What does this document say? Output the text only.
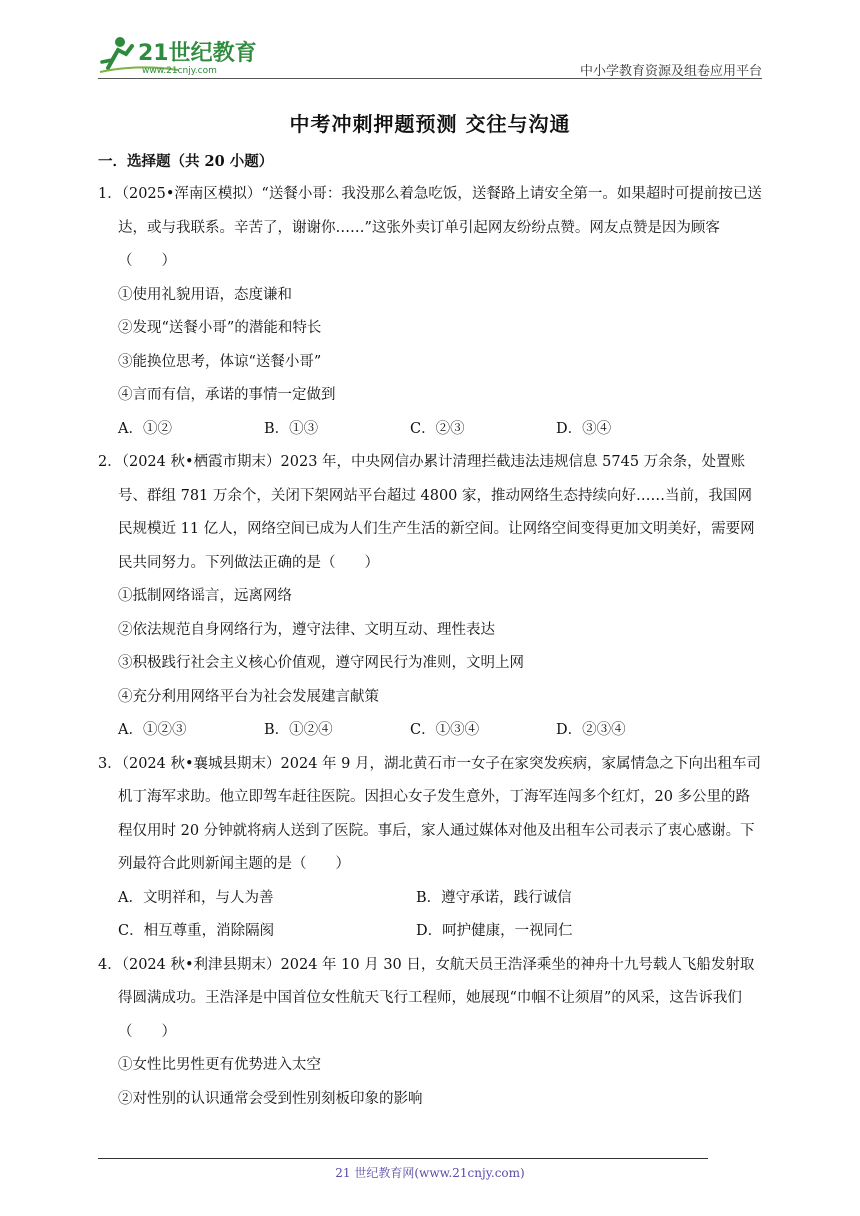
21世纪教育
www.21cnjy.com	中小学教育资源及组卷应用平台
中考冲刺押题预测 交往与沟通
一．选择题（共 20 小题）

1．（2025•浑南区模拟）“送餐小哥：我没那么着急吃饭，送餐路上请安全第一。如果超时可提前按已送达，或与我联系。辛苦了，谢谢你……”这张外卖订单引起网友纷纷点赞。网友点赞是因为顾客（　　）

①使用礼貌用语，态度谦和

②发现“送餐小哥”的潜能和特长

③能换位思考，体谅“送餐小哥”

④言而有信，承诺的事情一定做到

A．①②	B．①③	C．②③	D．③④

2．（2024 秋•栖霞市期末）2023 年，中央网信办累计清理拦截违法违规信息 5745 万余条，处置账号、群组 781 万余个，关闭下架网站平台超过 4800 家，推动网络生态持续向好……当前，我国网民规模近 11 亿人，网络空间已成为人们生产生活的新空间。让网络空间变得更加文明美好，需要网民共同努力。下列做法正确的是（　　）

①抵制网络谣言，远离网络

②依法规范自身网络行为，遵守法律、文明互动、理性表达

③积极践行社会主义核心价值观，遵守网民行为准则，文明上网

④充分利用网络平台为社会发展建言献策

A．①②③	B．①②④	C．①③④	D．②③④

3．（2024 秋•襄城县期末）2024 年 9 月，湖北黄石市一女子在家突发疾病，家属情急之下向出租车司机丁海军求助。他立即驾车赶往医院。因担心女子发生意外，丁海军连闯多个红灯，20 多公里的路程仅用时 20 分钟就将病人送到了医院。事后，家人通过媒体对他及出租车公司表示了衷心感谢。下列最符合此则新闻主题的是（　　）

A．文明祥和，与人为善	B．遵守承诺，践行诚信
C．相互尊重，消除隔阂	D．呵护健康，一视同仁

4．（2024 秋•利津县期末）2024 年 10 月 30 日，女航天员王浩泽乘坐的神舟十九号载人飞船发射取得圆满成功。王浩泽是中国首位女性航天飞行工程师，她展现“巾帼不让须眉”的风采，这告诉我们（　　）

①女性比男性更有优势进入太空

②对性别的认识通常会受到性别刻板印象的影响

21 世纪教育网(www.21cnjy.com)
